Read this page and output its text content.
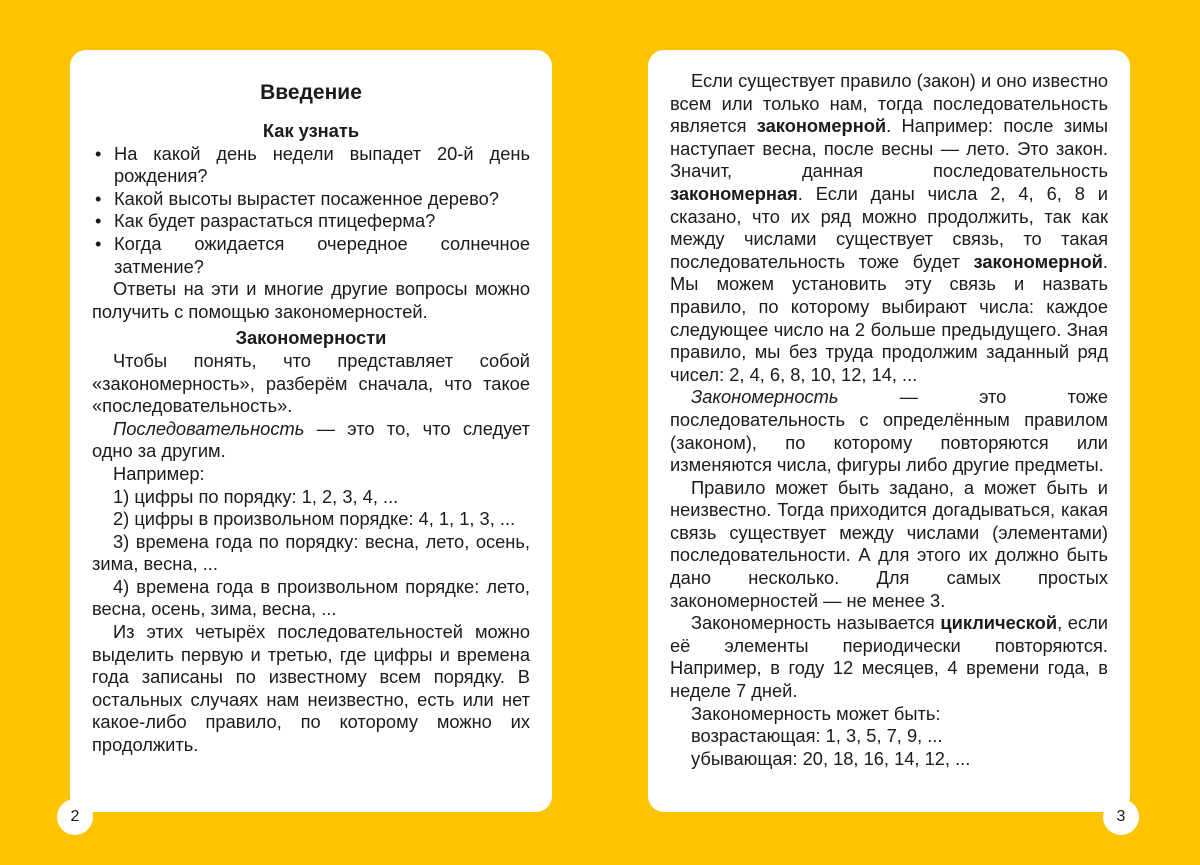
Введение
Как узнать
• На какой день недели выпадет 20-й день рождения?
• Какой высоты вырастет посаженное дерево?
• Как будет разрастаться птицеферма?
• Когда ожидается очередное солнечное затмение?

Ответы на эти и многие другие вопросы можно получить с помощью закономерностей.

Закономерности

Чтобы понять, что представляет собой «закономерность», разберём сначала, что такое «последовательность».

Последовательность — это то, что следует одно за другим.

Например:

1) цифры по порядку: 1, 2, 3, 4, ...

2) цифры в произвольном порядке: 4, 1, 1, 3, ...

3) времена года по порядку: весна, лето, осень, зима, весна, ...

4) времена года в произвольном порядке: лето, весна, осень, зима, весна, ...

Из этих четырёх последовательностей можно выделить первую и третью, где цифры и времена года записаны по известному всем порядку. В остальных случаях нам неизвестно, есть или нет какое-либо правило, по которому можно их продолжить.

Если существует правило (закон) и оно известно всем или только нам, тогда последовательность является закономерной. Например: после зимы наступает весна, после весны — лето. Это закон. Значит, данная последовательность закономерная. Если даны числа 2, 4, 6, 8 и сказано, что их ряд можно продолжить, так как между числами существует связь, то такая последовательность тоже будет закономерной. Мы можем установить эту связь и назвать правило, по которому выбирают числа: каждое следующее число на 2 больше предыдущего. Зная правило, мы без труда продолжим заданный ряд чисел: 2, 4, 6, 8, 10, 12, 14, ...

Закономерность — это тоже последовательность с определённым правилом (законом), по которому повторяются или изменяются числа, фигуры либо другие предметы.

Правило может быть задано, а может быть и неизвестно. Тогда приходится догадываться, какая связь существует между числами (элементами) последовательности. А для этого их должно быть дано несколько. Для самых простых закономерностей — не менее 3.

Закономерность называется циклической, если её элементы периодически повторяются. Например, в году 12 месяцев, 4 времени года, в неделе 7 дней.

Закономерность может быть:

возрастающая: 1, 3, 5, 7, 9, ...

убывающая: 20, 18, 16, 14, 12, ...

2	3
